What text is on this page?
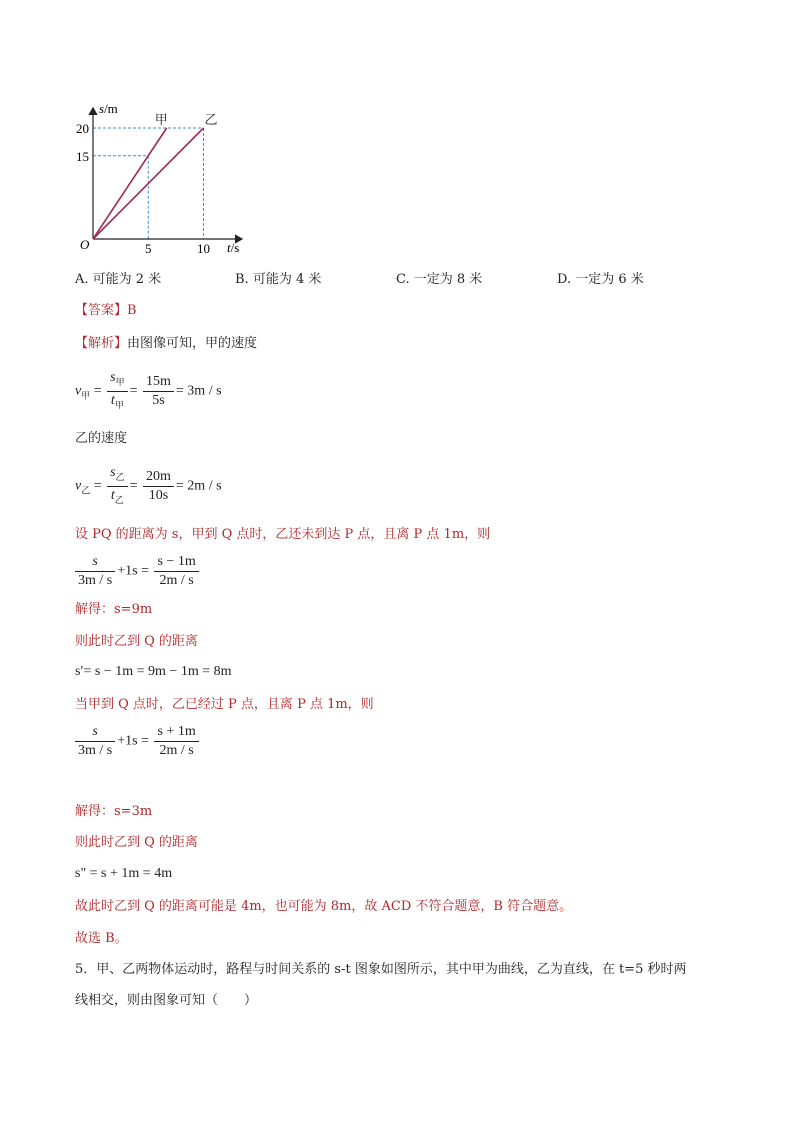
s/m
t/s
O	5	10
15
20
甲	乙
A. 可能为 2 米	B. 可能为 4 米	C. 一定为 8 米	D. 一定为 6 米
【答案】B
【解析】由图像可知，甲的速度
$v_甲 = \frac{s_甲}{t_甲} = \frac{15m}{5s} = 3m / s$
乙的速度
$v_乙 = \frac{s_乙}{t_乙} = \frac{20m}{10s} = 2m / s$
设 PQ 的距离为 s，甲到 Q 点时，乙还未到达 P 点，且离 P 点 1m，则
$\frac{s}{3m / s} +1s = \frac{s - 1m}{2m / s}$
解得：s=9m
则此时乙到 Q 的距离
s′= s − 1m = 9m − 1m = 8m
当甲到 Q 点时，乙已经过 P 点，且离 P 点 1m，则
$\frac{s}{3m / s} +1s = \frac{s + 1m}{2m / s}$
解得：s=3m
则此时乙到 Q 的距离
s" = s + 1m = 4m
故此时乙到 Q 的距离可能是 4m，也可能为 8m，故 ACD 不符合题意，B 符合题意。
故选 B。
5．甲、乙两物体运动时，路程与时间关系的 s-t 图象如图所示，其中甲为曲线，乙为直线，在 t=5 秒时两
线相交，则由图象可知（　　）
